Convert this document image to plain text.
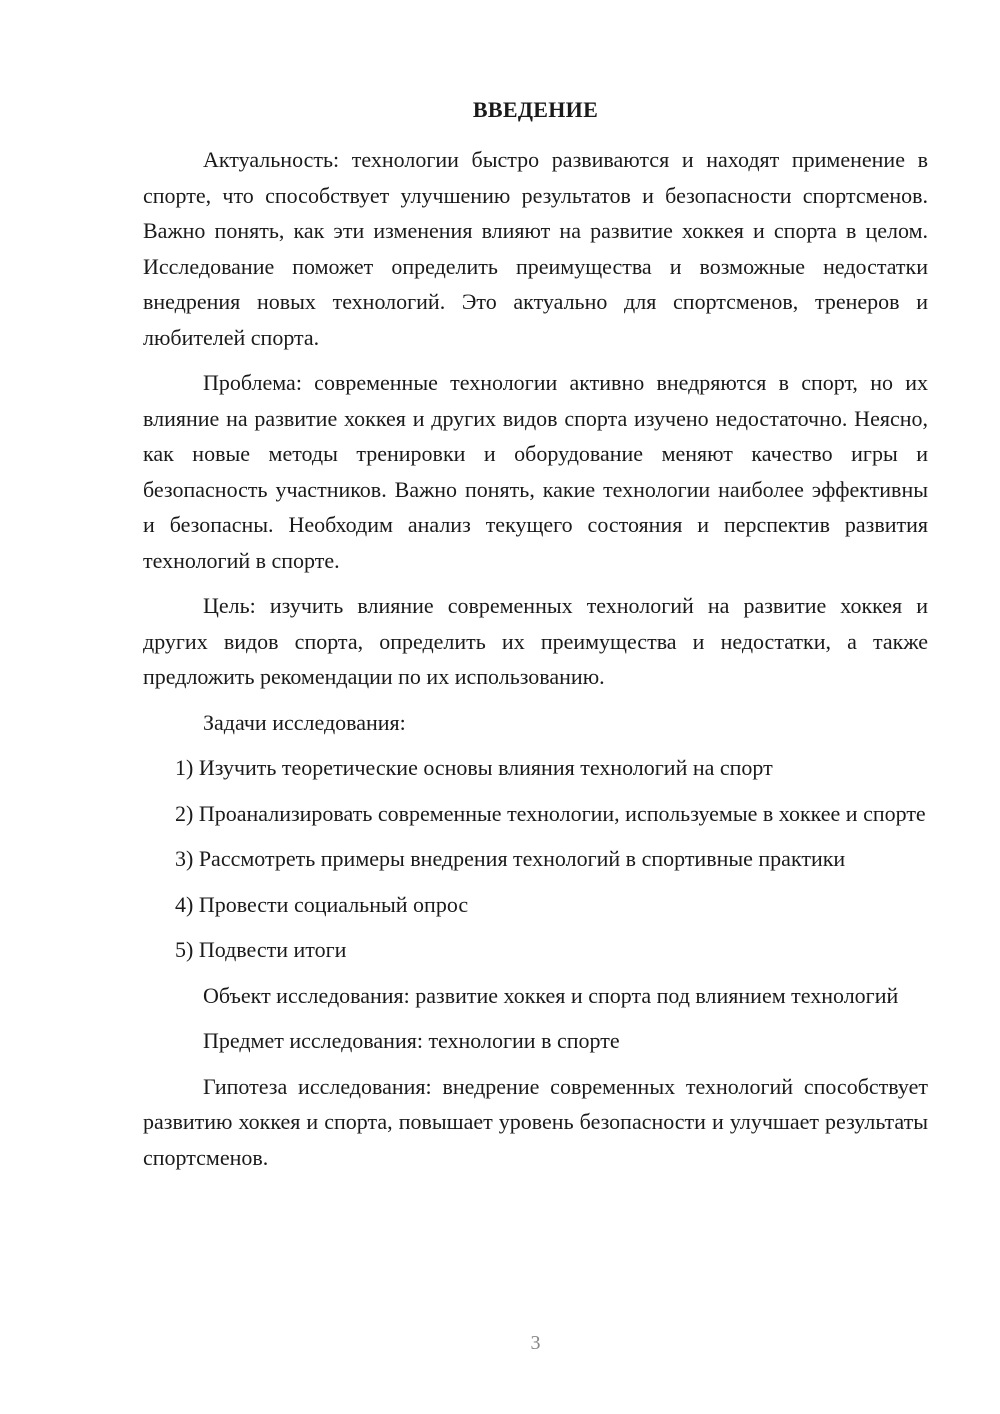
ВВЕДЕНИЕ

Актуальность: технологии быстро развиваются и находят применение в спорте, что способствует улучшению результатов и безопасности спортсменов. Важно понять, как эти изменения влияют на развитие хоккея и спорта в целом. Исследование поможет определить преимущества и возможные недостатки внедрения новых технологий. Это актуально для спортсменов, тренеров и любителей спорта.

Проблема: современные технологии активно внедряются в спорт, но их влияние на развитие хоккея и других видов спорта изучено недостаточно. Неясно, как новые методы тренировки и оборудование меняют качество игры и безопасность участников. Важно понять, какие технологии наиболее эффективны и безопасны. Необходим анализ текущего состояния и перспектив развития технологий в спорте.

Цель: изучить влияние современных технологий на развитие хоккея и других видов спорта, определить их преимущества и недостатки, а также предложить рекомендации по их использованию.

Задачи исследования:

1) Изучить теоретические основы влияния технологий на спорт

2) Проанализировать современные технологии, используемые в хоккее и спорте

3) Рассмотреть примеры внедрения технологий в спортивные практики

4) Провести социальный опрос

5) Подвести итоги

Объект исследования: развитие хоккея и спорта под влиянием технологий

Предмет исследования: технологии в спорте

Гипотеза исследования: внедрение современных технологий способствует развитию хоккея и спорта, повышает уровень безопасности и улучшает результаты спортсменов.

3
